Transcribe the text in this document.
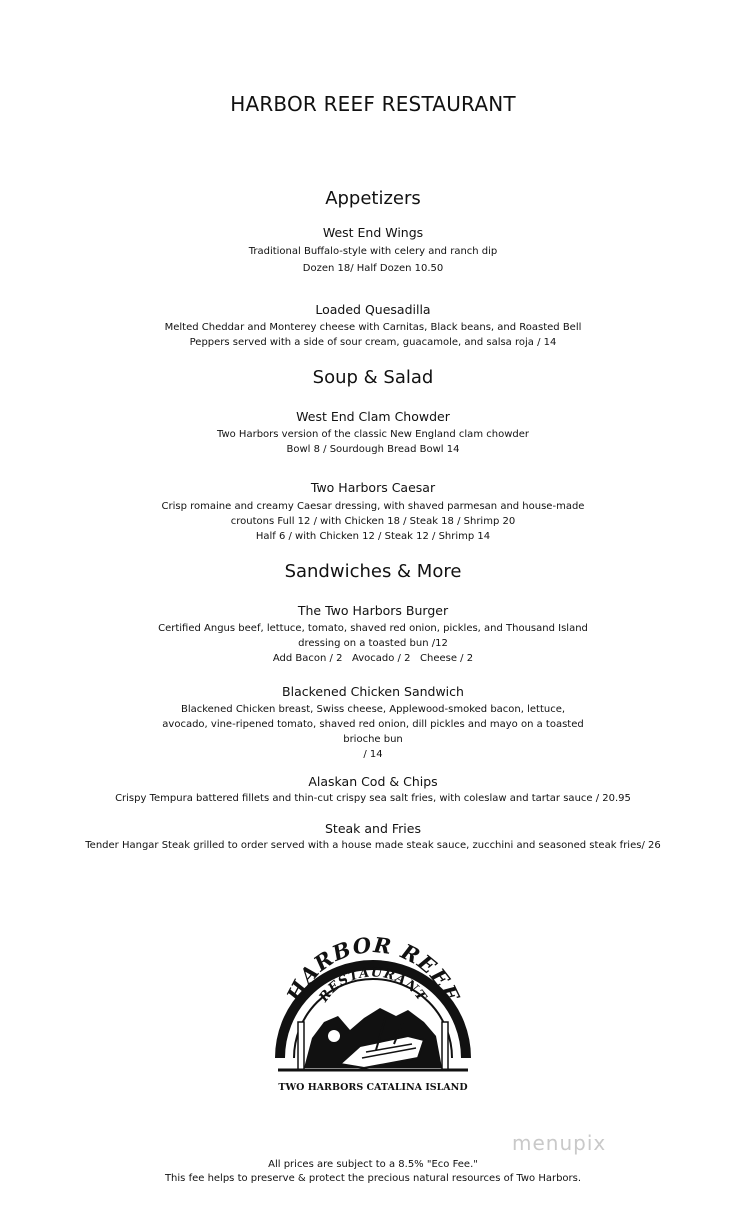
HARBOR REEF RESTAURANT
Appetizers
West End Wings
Traditional Buffalo-style with celery and ranch dip
Dozen 18/ Half Dozen 10.50
Loaded Quesadilla
Melted Cheddar and Monterey cheese with Carnitas, Black beans, and Roasted Bell
Peppers served with a side of sour cream, guacamole, and salsa roja / 14
Soup & Salad
West End Clam Chowder
Two Harbors version of the classic New England clam chowder
Bowl 8 / Sourdough Bread Bowl 14
Two Harbors Caesar
Crisp romaine and creamy Caesar dressing, with shaved parmesan and house-made
croutons Full 12 / with Chicken 18 / Steak 18 / Shrimp 20
Half 6 / with Chicken 12 / Steak 12 / Shrimp 14
Sandwiches & More
The Two Harbors Burger
Certified Angus beef, lettuce, tomato, shaved red onion, pickles, and Thousand Island
dressing on a toasted bun /12
Add Bacon / 2   Avocado / 2   Cheese / 2
Blackened Chicken Sandwich
Blackened Chicken breast, Swiss cheese, Applewood-smoked bacon, lettuce,
avocado, vine-ripened tomato, shaved red onion, dill pickles and mayo on a toasted
brioche bun
/ 14
Alaskan Cod & Chips
Crispy Tempura battered fillets and thin-cut crispy sea salt fries, with coleslaw and tartar sauce / 20.95
Steak and Fries
Tender Hangar Steak grilled to order served with a house made steak sauce, zucchini and seasoned steak fries/ 26
HARBOR REEF
RESTAURANT
TWO HARBORS CATALINA ISLAND
menupix
All prices are subject to a 8.5% "Eco Fee."
This fee helps to preserve & protect the precious natural resources of Two Harbors.
